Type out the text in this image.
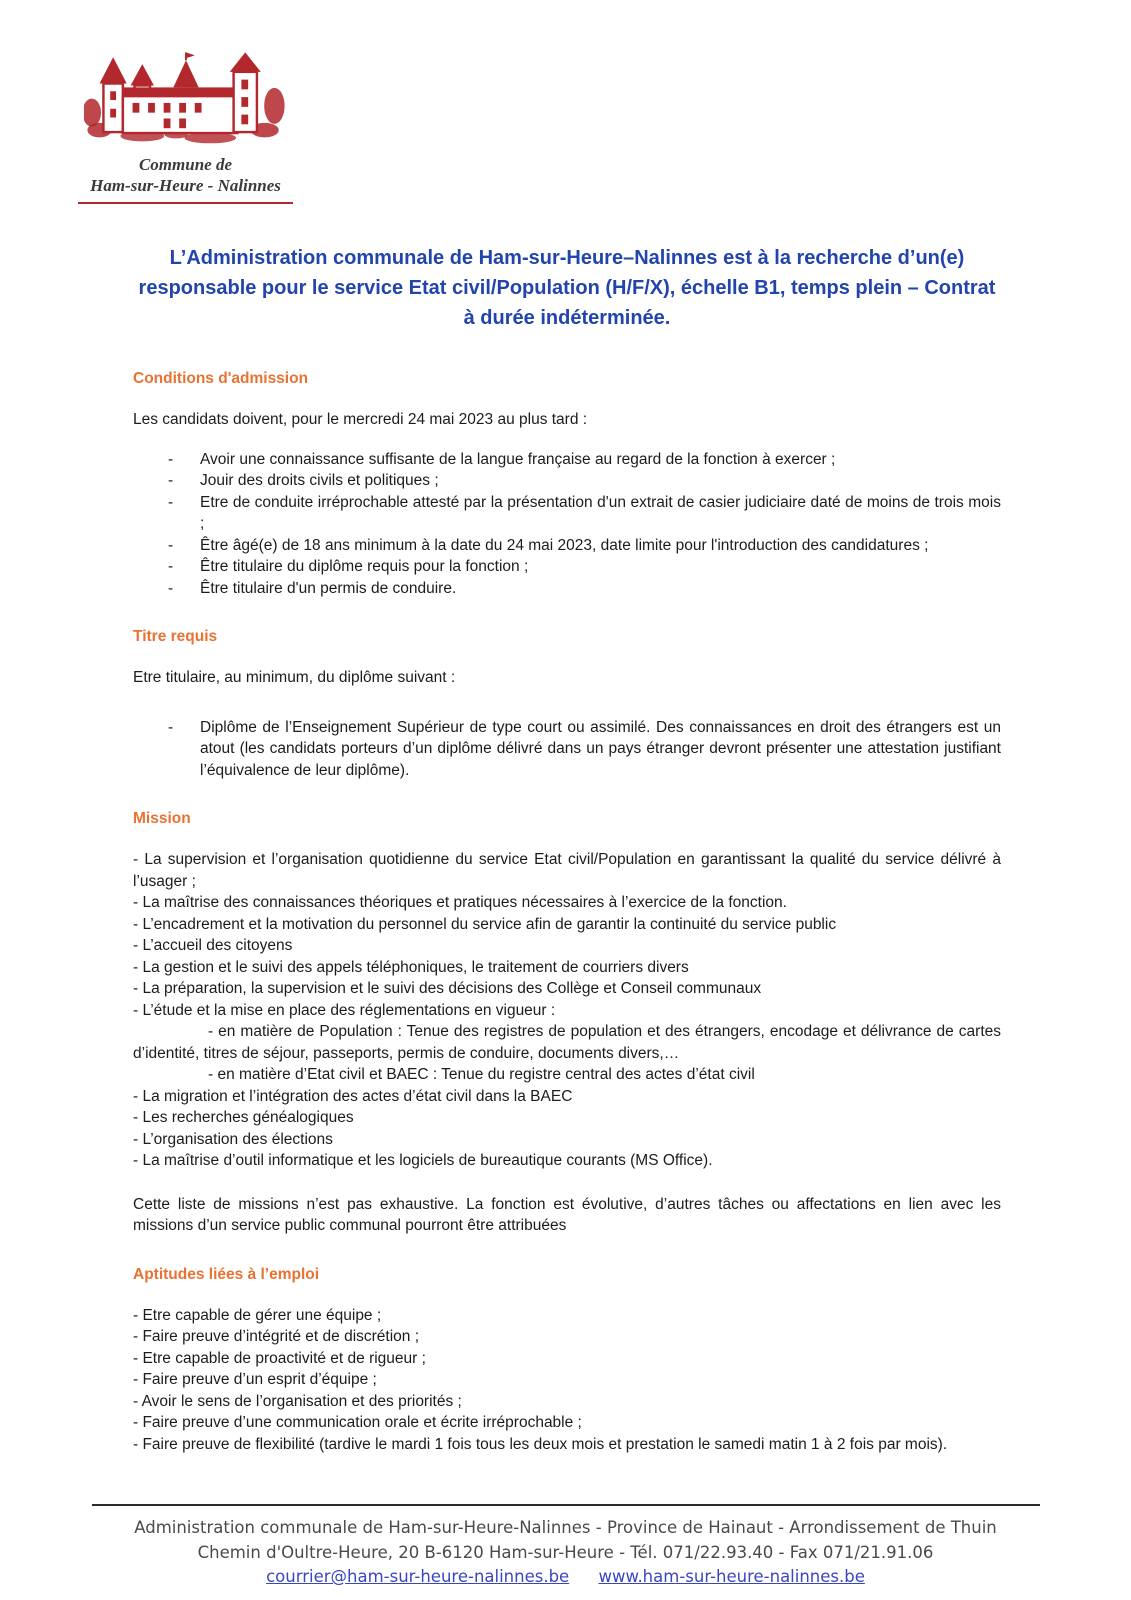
Commune de
Ham-sur-Heure - Nalinnes
L’Administration communale de Ham-sur-Heure–Nalinnes est à la recherche d’un(e) responsable pour le service Etat civil/Population (H/F/X), échelle B1, temps plein – Contrat à durée indéterminée.
Conditions d'admission
Les candidats doivent, pour le mercredi 24 mai 2023 au plus tard :
-	Avoir une connaissance suffisante de la langue française au regard de la fonction à exercer ;
-	Jouir des droits civils et politiques ;
-	Etre de conduite irréprochable attesté par la présentation d'un extrait de casier judiciaire daté de moins de trois mois ;
-	Être âgé(e) de 18 ans minimum à la date du 24 mai 2023, date limite pour l'introduction des candidatures ;
-	Être titulaire du diplôme requis pour la fonction ;
-	Être titulaire d'un permis de conduire.
Titre requis
Etre titulaire, au minimum, du diplôme suivant :
-	Diplôme de l’Enseignement Supérieur de type court ou assimilé. Des connaissances en droit des étrangers est un atout (les candidats porteurs d’un diplôme délivré dans un pays étranger devront présenter une attestation justifiant l’équivalence de leur diplôme).
Mission
- La supervision et l’organisation quotidienne du service Etat civil/Population en garantissant la qualité du service délivré à l’usager ;
- La maîtrise des connaissances théoriques et pratiques nécessaires à l’exercice de la fonction.
- L’encadrement et la motivation du personnel du service afin de garantir la continuité du service public
- L’accueil des citoyens
- La gestion et le suivi des appels téléphoniques, le traitement de courriers divers
- La préparation, la supervision et le suivi des décisions des Collège et Conseil communaux
- L’étude et la mise en place des réglementations en vigueur :
- en matière de Population : Tenue des registres de population et des étrangers, encodage et délivrance de cartes d’identité, titres de séjour, passeports, permis de conduire, documents divers,…
- en matière d’Etat civil et BAEC : Tenue du registre central des actes d’état civil
- La migration et l’intégration des actes d’état civil dans la BAEC
- Les recherches généalogiques
- L’organisation des élections
- La maîtrise d’outil informatique et les logiciels de bureautique courants (MS Office).
Cette liste de missions n’est pas exhaustive. La fonction est évolutive, d’autres tâches ou affectations en lien avec les missions d’un service public communal pourront être attribuées
Aptitudes liées à l’emploi
- Etre capable de gérer une équipe ;
- Faire preuve d’intégrité et de discrétion ;
- Etre capable de proactivité et de rigueur ;
- Faire preuve d’un esprit d’équipe ;
- Avoir le sens de l’organisation et des priorités ;
- Faire preuve d’une communication orale et écrite irréprochable ;
- Faire preuve de flexibilité (tardive le mardi 1 fois tous les deux mois et prestation le samedi matin 1 à 2 fois par mois).
Administration communale de Ham-sur-Heure-Nalinnes - Province de Hainaut - Arrondissement de Thuin
Chemin d'Oultre-Heure, 20 B-6120 Ham-sur-Heure - Tél. 071/22.93.40 - Fax 071/21.91.06
courrier@ham-sur-heure-nalinnes.be www.ham-sur-heure-nalinnes.be
